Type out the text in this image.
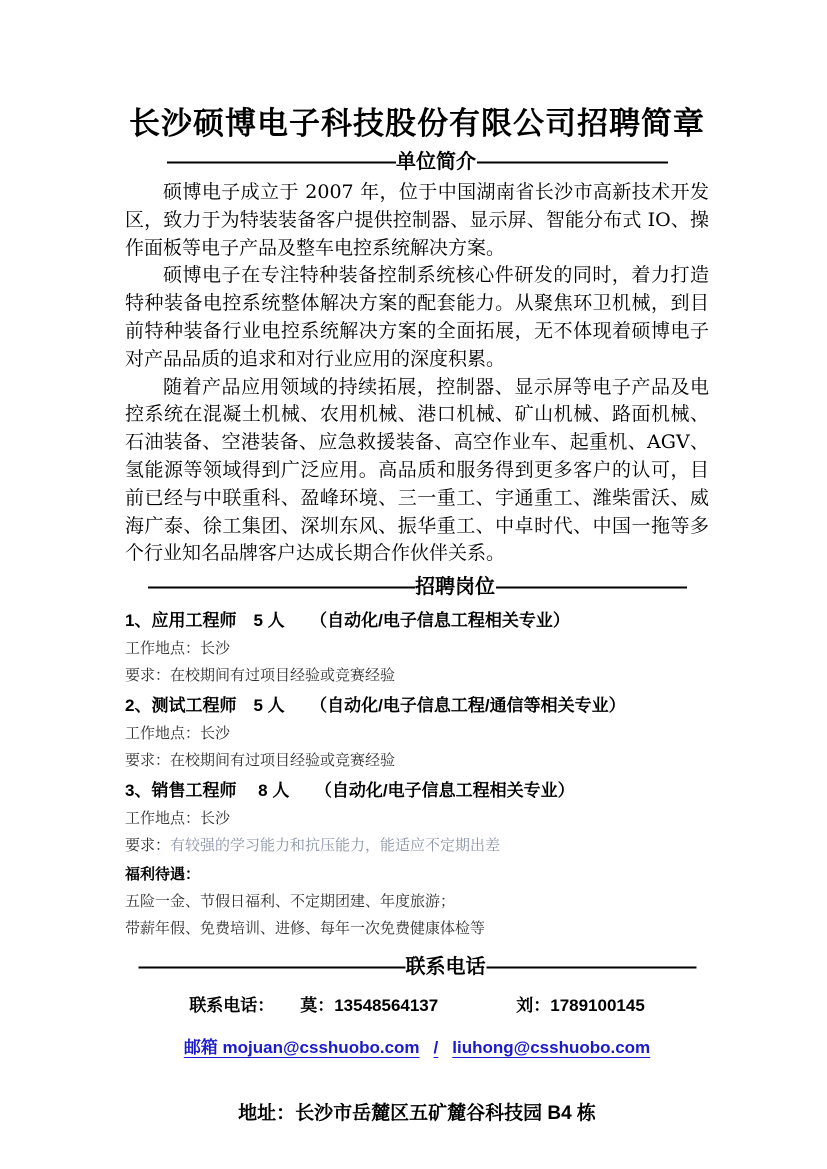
长沙硕博电子科技股份有限公司招聘简章
———————————— 单位简介 ——————————

硕博电子成立于 2007 年，位于中国湖南省长沙市高新技术开发区，致力于为特装装备客户提供控制器、显示屏、智能分布式 IO、操作面板等电子产品及整车电控系统解决方案。

硕博电子在专注特种装备控制系统核心件研发的同时，着力打造特种装备电控系统整体解决方案的配套能力。从聚焦环卫机械，到目前特种装备行业电控系统解决方案的全面拓展，无不体现着硕博电子对产品品质的追求和对行业应用的深度积累。

随着产品应用领域的持续拓展，控制器、显示屏等电子产品及电控系统在混凝土机械、农用机械、港口机械、矿山机械、路面机械、石油装备、空港装备、应急救援装备、高空作业车、起重机、AGV、氢能源等领域得到广泛应用。高品质和服务得到更多客户的认可，目前已经与中联重科、盈峰环境、三一重工、宇通重工、潍柴雷沃、威海广泰、徐工集团、深圳东风、振华重工、中卓时代、中国一拖等多个行业知名品牌客户达成长期合作伙伴关系。

—————————————— 招聘岗位 ——————————

1、应用工程师　5 人　　（自动化/电子信息工程相关专业）

工作地点：长沙

要求：在校期间有过项目经验或竞赛经验

2、测试工程师　5 人　　（自动化/电子信息工程/通信等相关专业）

工作地点：长沙

要求：在校期间有过项目经验或竞赛经验

3、销售工程师　 8 人　　（自动化/电子信息工程相关专业）

工作地点：长沙

要求：有较强的学习能力和抗压能力，能适应不定期出差

福利待遇：

五险一金、节假日福利、不定期团建、年度旅游；

带薪年假、免费培训、进修、每年一次免费健康体检等

—————————————— 联系电话 ———————————
联系电话： 莫：13548564137	刘：1789100145
邮箱 mojuan@csshuobo.com / liuhong@csshuobo.com
地址：长沙市岳麓区五矿麓谷科技园 B4 栋
